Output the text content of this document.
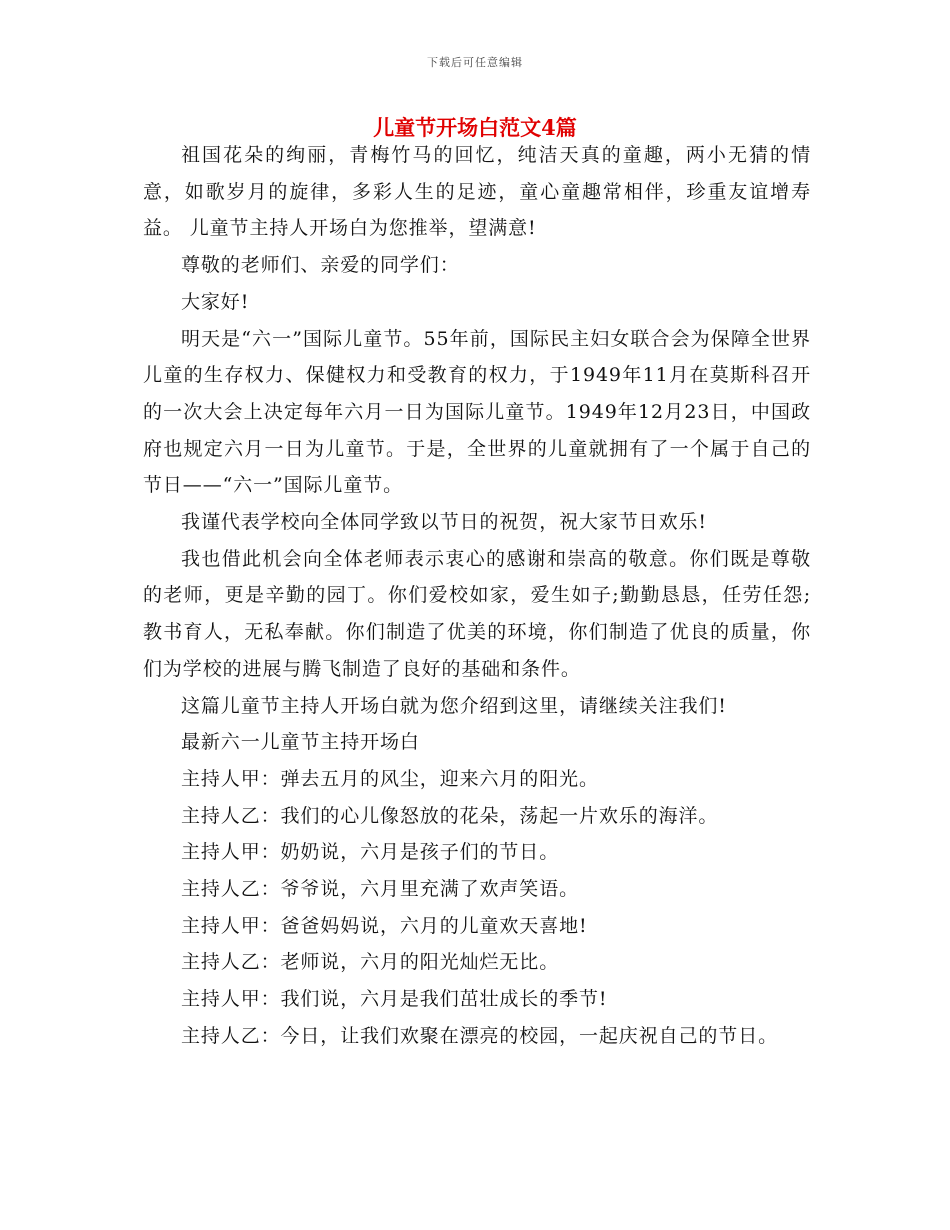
下载后可任意编辑
儿童节开场白范文4篇

祖国花朵的绚丽，青梅竹马的回忆，纯洁天真的童趣，两小无猜的情意，如歌岁月的旋律，多彩人生的足迹，童心童趣常相伴，珍重友谊增寿益。 儿童节主持人开场白为您推举，望满意!

尊敬的老师们、亲爱的同学们：

大家好!

明天是“六一”国际儿童节。55年前，国际民主妇女联合会为保障全世界儿童的生存权力、保健权力和受教育的权力，于1949年11月在莫斯科召开的一次大会上决定每年六月一日为国际儿童节。1949年12月23日，中国政府也规定六月一日为儿童节。于是，全世界的儿童就拥有了一个属于自己的节日——“六一”国际儿童节。

我谨代表学校向全体同学致以节日的祝贺，祝大家节日欢乐!

我也借此机会向全体老师表示衷心的感谢和崇高的敬意。你们既是尊敬的老师，更是辛勤的园丁。你们爱校如家，爱生如子;勤勤恳恳，任劳任怨;教书育人，无私奉献。你们制造了优美的环境，你们制造了优良的质量，你们为学校的进展与腾飞制造了良好的基础和条件。

这篇儿童节主持人开场白就为您介绍到这里，请继续关注我们!

最新六一儿童节主持开场白

主持人甲：弹去五月的风尘，迎来六月的阳光。

主持人乙：我们的心儿像怒放的花朵，荡起一片欢乐的海洋。

主持人甲：奶奶说，六月是孩子们的节日。

主持人乙：爷爷说，六月里充满了欢声笑语。

主持人甲：爸爸妈妈说，六月的儿童欢天喜地!

主持人乙：老师说，六月的阳光灿烂无比。

主持人甲：我们说，六月是我们茁壮成长的季节!

主持人乙：今日，让我们欢聚在漂亮的校园，一起庆祝自己的节日。
